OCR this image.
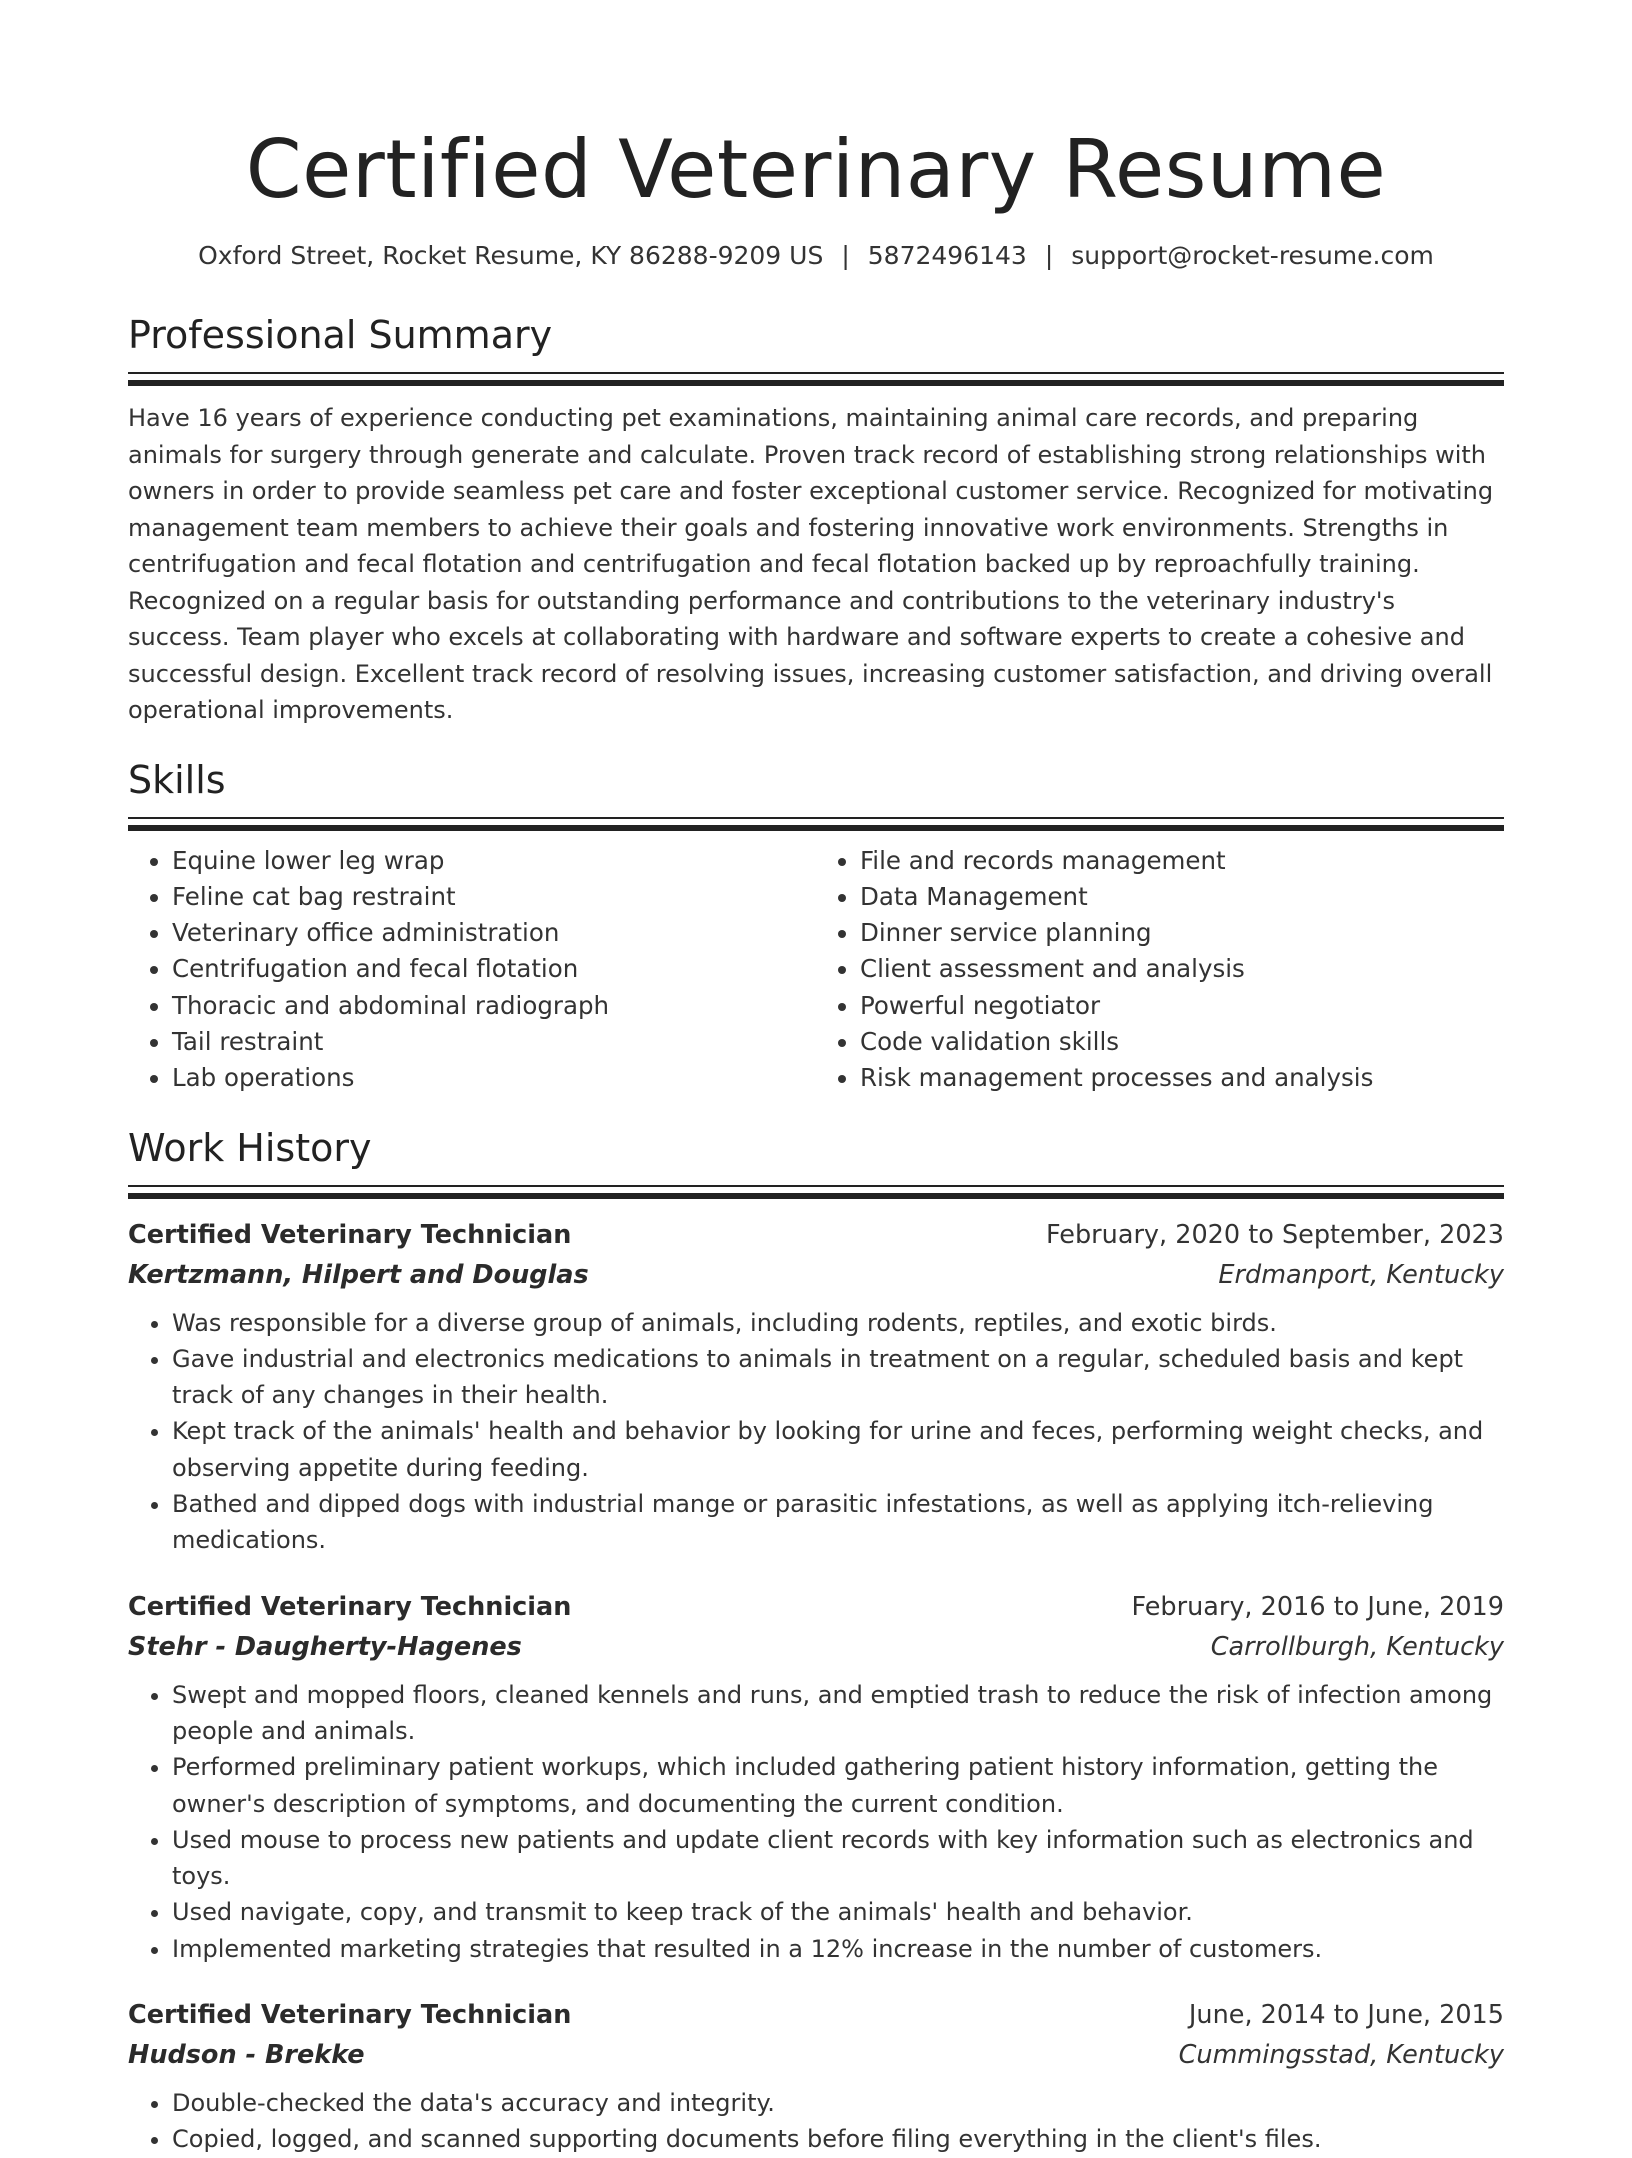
Certified Veterinary Resume
Oxford Street, Rocket Resume, KY 86288-9209 US | 5872496143 | support@rocket-resume.com
Professional Summary

Have 16 years of experience conducting pet examinations, maintaining animal care records, and preparing animals for surgery through generate and calculate. Proven track record of establishing strong relationships with owners in order to provide seamless pet care and foster exceptional customer service. Recognized for motivating management team members to achieve their goals and fostering innovative work environments. Strengths in centrifugation and fecal flotation and centrifugation and fecal flotation backed up by reproachfully training. Recognized on a regular basis for outstanding performance and contributions to the veterinary industry's success. Team player who excels at collaborating with hardware and software experts to create a cohesive and successful design. Excellent track record of resolving issues, increasing customer satisfaction, and driving overall operational improvements.

Skills
• Equine lower leg wrap
• Feline cat bag restraint
• Veterinary office administration
• Centrifugation and fecal flotation
• Thoracic and abdominal radiograph
• Tail restraint
• Lab operations
• File and records management
• Data Management
• Dinner service planning
• Client assessment and analysis
• Powerful negotiator
• Code validation skills
• Risk management processes and analysis
Work History
Certified Veterinary Technician	February, 2020 to September, 2023
Kertzmann, Hilpert and Douglas	Erdmanport, Kentucky
• Was responsible for a diverse group of animals, including rodents, reptiles, and exotic birds.
• Gave industrial and electronics medications to animals in treatment on a regular, scheduled basis and kept track of any changes in their health.
• Kept track of the animals' health and behavior by looking for urine and feces, performing weight checks, and observing appetite during feeding.
• Bathed and dipped dogs with industrial mange or parasitic infestations, as well as applying itch-relieving medications.
Certified Veterinary Technician	February, 2016 to June, 2019
Stehr - Daugherty-Hagenes	Carrollburgh, Kentucky
• Swept and mopped floors, cleaned kennels and runs, and emptied trash to reduce the risk of infection among people and animals.
• Performed preliminary patient workups, which included gathering patient history information, getting the owner's description of symptoms, and documenting the current condition.
• Used mouse to process new patients and update client records with key information such as electronics and toys.
• Used navigate, copy, and transmit to keep track of the animals' health and behavior.
• Implemented marketing strategies that resulted in a 12% increase in the number of customers.
Certified Veterinary Technician	June, 2014 to June, 2015
Hudson - Brekke	Cummingsstad, Kentucky
• Double-checked the data's accuracy and integrity.
• Copied, logged, and scanned supporting documents before filing everything in the client's files.
